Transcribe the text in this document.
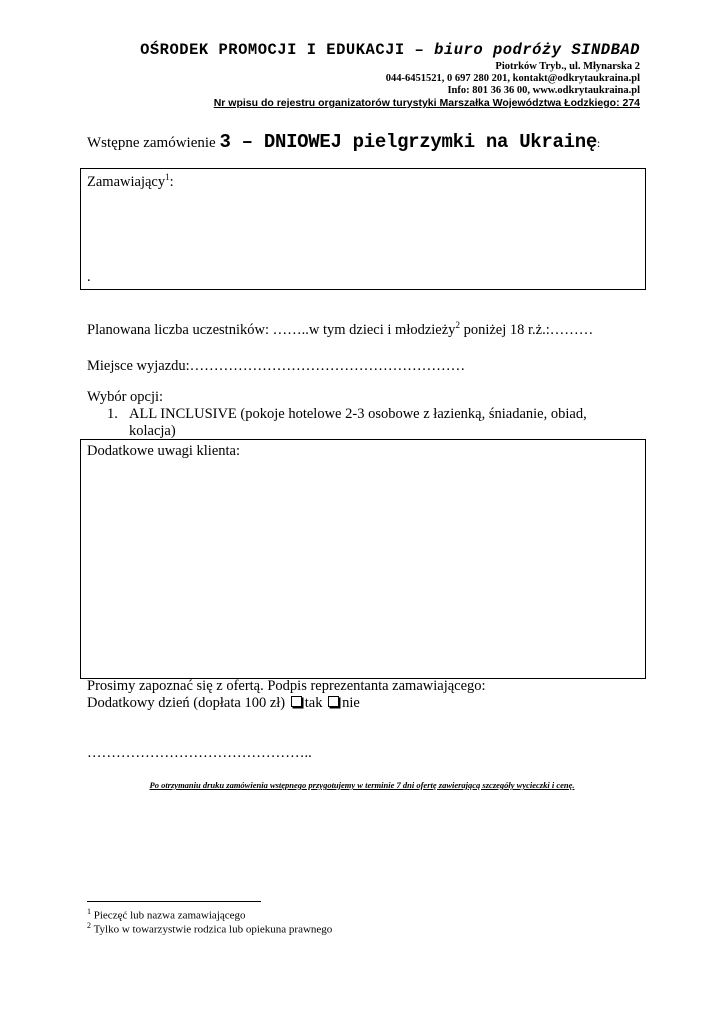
OŚRODEK PROMOCJI I EDUKACJI – biuro podróży SINDBAD
Piotrków Tryb., ul. Młynarska 2
044-6451521, 0 697 280 201, kontakt@odkrytaukraina.pl
Info: 801 36 36 00, www.odkrytaukraina.pl
Nr wpisu do rejestru organizatorów turystyki Marszałka Województwa Łodzkiego: 274
Wstępne zamówienie 3 – DNIOWEJ pielgrzymki na Ukrainę:
Zamawiający$^1$:
.
Planowana liczba uczestników: ……..w tym dzieci i młodzieży$^2$ poniżej 18 r.ż.:………
Miejsce wyjazdu:…………………………………………………
Wybór opcji:
1. ALL INCLUSIVE (pokoje hotelowe 2-3 osobowe z łazienką, śniadanie, obiad,
kolacja)
Dodatkowe uwagi klienta:
Prosimy zapoznać się z ofertą. Podpis reprezentanta zamawiającego:
Dodatkowy dzień (dopłata 100 zł) tak nie
………………………………………..
Po otrzymaniu druku zamówienia wstępnego przygotujemy w terminie 7 dni ofertę zawierającą szczegóły wycieczki i cenę.
$^1$ Pieczęć lub nazwa zamawiającego
$^2$ Tylko w towarzystwie rodzica lub opiekuna prawnego
